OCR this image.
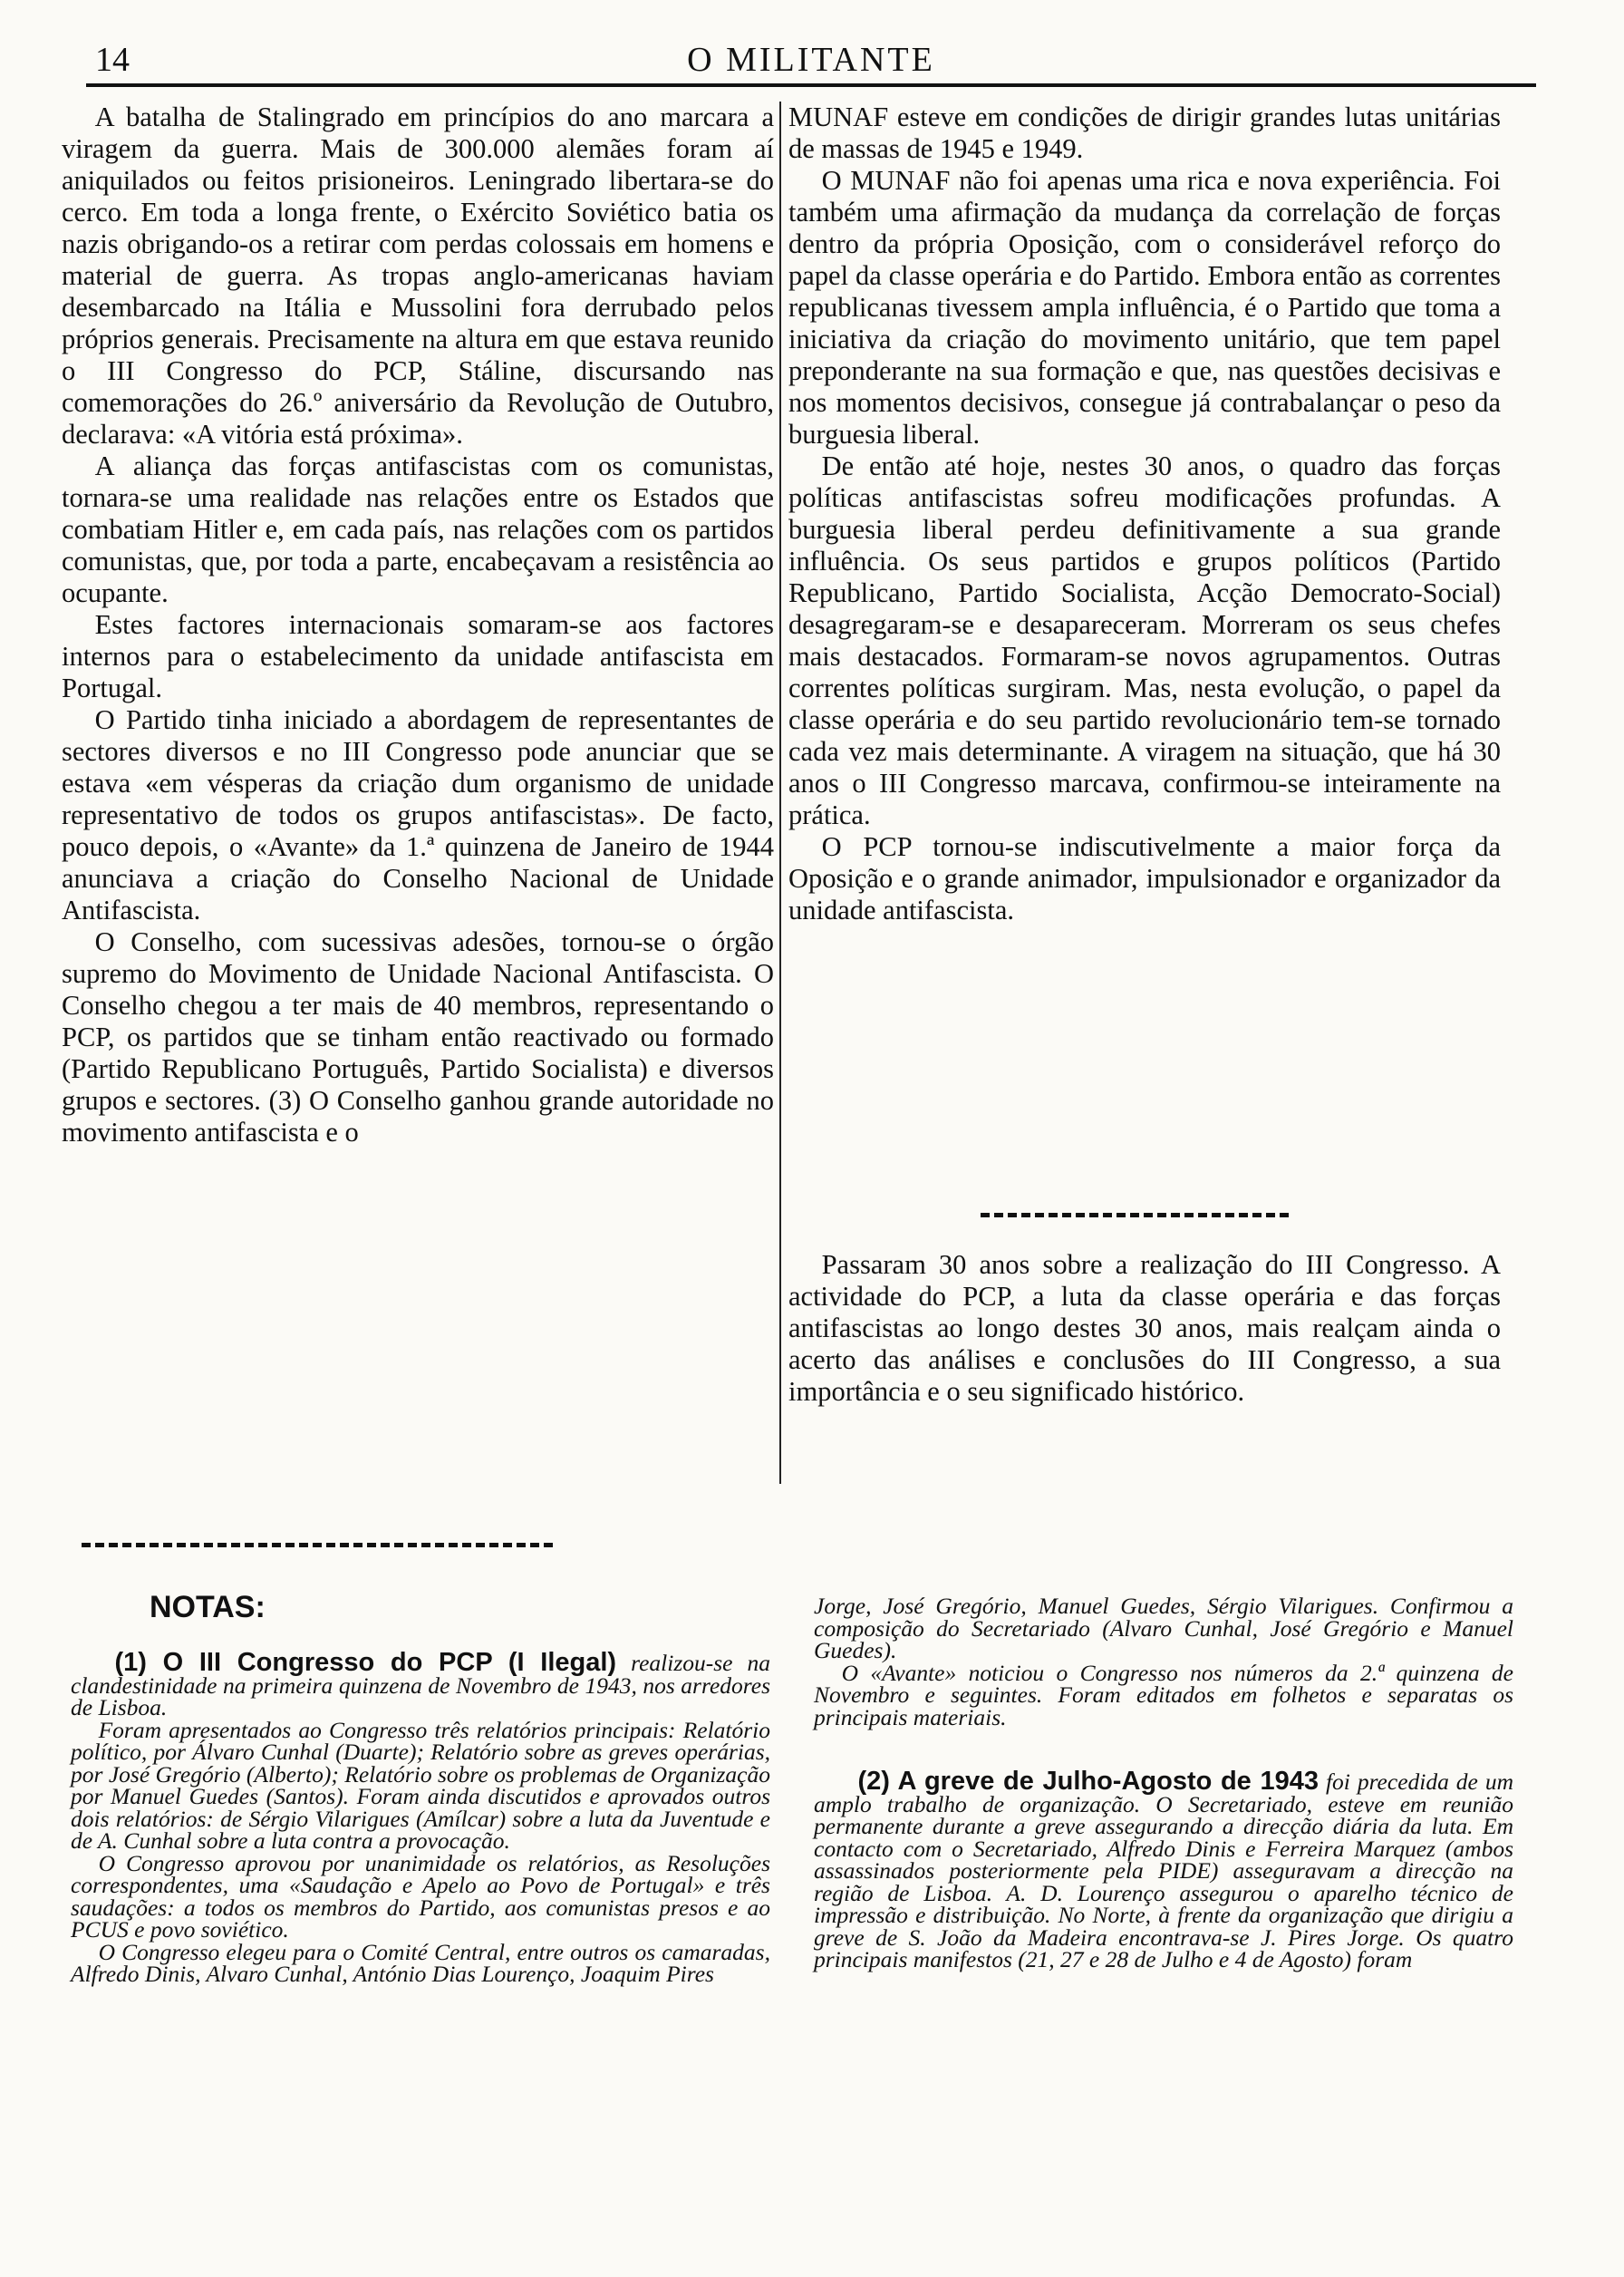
14	O MILITANTE

A batalha de Stalingrado em princípios do ano marcara a viragem da guerra. Mais de 300.000 alemães foram aí aniquilados ou feitos prisioneiros. Leningrado libertara-se do cerco. Em toda a longa frente, o Exército Soviético batia os nazis obrigando-os a retirar com perdas colossais em homens e material de guerra. As tropas anglo-americanas haviam desembarcado na Itália e Mussolini fora derrubado pelos próprios generais. Precisamente na altura em que estava reunido o III Congresso do PCP, Stáline, discursando nas comemorações do 26.º aniversário da Revolução de Outubro, declarava: «A vitória está próxima».

A aliança das forças antifascistas com os comunistas, tornara-se uma realidade nas relações entre os Estados que combatiam Hitler e, em cada país, nas relações com os partidos comunistas, que, por toda a parte, encabeçavam a resistência ao ocupante.

Estes factores internacionais somaram-se aos factores internos para o estabelecimento da unidade antifascista em Portugal.

O Partido tinha iniciado a abordagem de representantes de sectores diversos e no III Congresso pode anunciar que se estava «em vésperas da criação dum organismo de unidade representativo de todos os grupos antifascistas». De facto, pouco depois, o «Avante» da 1.ª quinzena de Janeiro de 1944 anunciava a criação do Conselho Nacional de Unidade Antifascista.

O Conselho, com sucessivas adesões, tornou-se o órgão supremo do Movimento de Unidade Nacional Antifascista. O Conselho chegou a ter mais de 40 membros, representando o PCP, os partidos que se tinham então reactivado ou formado (Partido Republicano Português, Partido Socialista) e diversos grupos e sectores. (3) O Conselho ganhou grande autoridade no movimento antifascista e o

MUNAF esteve em condições de dirigir grandes lutas unitárias de massas de 1945 e 1949.

O MUNAF não foi apenas uma rica e nova experiência. Foi também uma afirmação da mudança da correlação de forças dentro da própria Oposição, com o considerável reforço do papel da classe operária e do Partido. Embora então as correntes republicanas tivessem ampla influência, é o Partido que toma a iniciativa da criação do movimento unitário, que tem papel preponderante na sua formação e que, nas questões decisivas e nos momentos decisivos, consegue já contrabalançar o peso da burguesia liberal.

De então até hoje, nestes 30 anos, o quadro das forças políticas antifascistas sofreu modificações profundas. A burguesia liberal perdeu definitivamente a sua grande influência. Os seus partidos e grupos políticos (Partido Republicano, Partido Socialista, Acção Democrato-Social) desagregaram-se e desapareceram. Morreram os seus chefes mais destacados. Formaram-se novos agrupamentos. Outras correntes políticas surgiram. Mas, nesta evolução, o papel da classe operária e do seu partido revolucionário tem-se tornado cada vez mais determinante. A viragem na situação, que há 30 anos o III Congresso marcava, confirmou-se inteiramente na prática.

O PCP tornou-se indiscutivelmente a maior força da Oposição e o grande animador, impulsionador e organizador da unidade antifascista.

Passaram 30 anos sobre a realização do III Congresso. A actividade do PCP, a luta da classe operária e das forças antifascistas ao longo destes 30 anos, mais realçam ainda o acerto das análises e conclusões do III Congresso, a sua importância e o seu significado histórico.

NOTAS:

(1) O III Congresso do PCP (I Ilegal) realizou-se na clandestinidade na primeira quinzena de Novembro de 1943, nos arredores de Lisboa.

Foram apresentados ao Congresso três relatórios principais: Relatório político, por Álvaro Cunhal (Duarte); Relatório sobre as greves operárias, por José Gregório (Alberto); Relatório sobre os problemas de Organização por Manuel Guedes (Santos). Foram ainda discutidos e aprovados outros dois relatórios: de Sérgio Vilarigues (Amílcar) sobre a luta da Juventude e de A. Cunhal sobre a luta contra a provocação.

O Congresso aprovou por unanimidade os relatórios, as Resoluções correspondentes, uma «Saudação e Apelo ao Povo de Portugal» e três saudações: a todos os membros do Partido, aos comunistas presos e ao PCUS e povo soviético.

O Congresso elegeu para o Comité Central, entre outros os camaradas, Alfredo Dinis, Alvaro Cunhal, António Dias Lourenço, Joaquim Pires

Jorge, José Gregório, Manuel Guedes, Sérgio Vilarigues. Confirmou a composição do Secretariado (Alvaro Cunhal, José Gregório e Manuel Guedes).

O «Avante» noticiou o Congresso nos números da 2.ª quinzena de Novembro e seguintes. Foram editados em folhetos e separatas os principais materiais.

(2) A greve de Julho-Agosto de 1943 foi precedida de um amplo trabalho de organização. O Secretariado, esteve em reunião permanente durante a greve assegurando a direcção diária da luta. Em contacto com o Secretariado, Alfredo Dinis e Ferreira Marquez (ambos assassinados posteriormente pela PIDE) asseguravam a direcção na região de Lisboa. A. D. Lourenço assegurou o aparelho técnico de impressão e distribuição. No Norte, à frente da organização que dirigiu a greve de S. João da Madeira encontrava-se J. Pires Jorge. Os quatro principais manifestos (21, 27 e 28 de Julho e 4 de Agosto) foram
